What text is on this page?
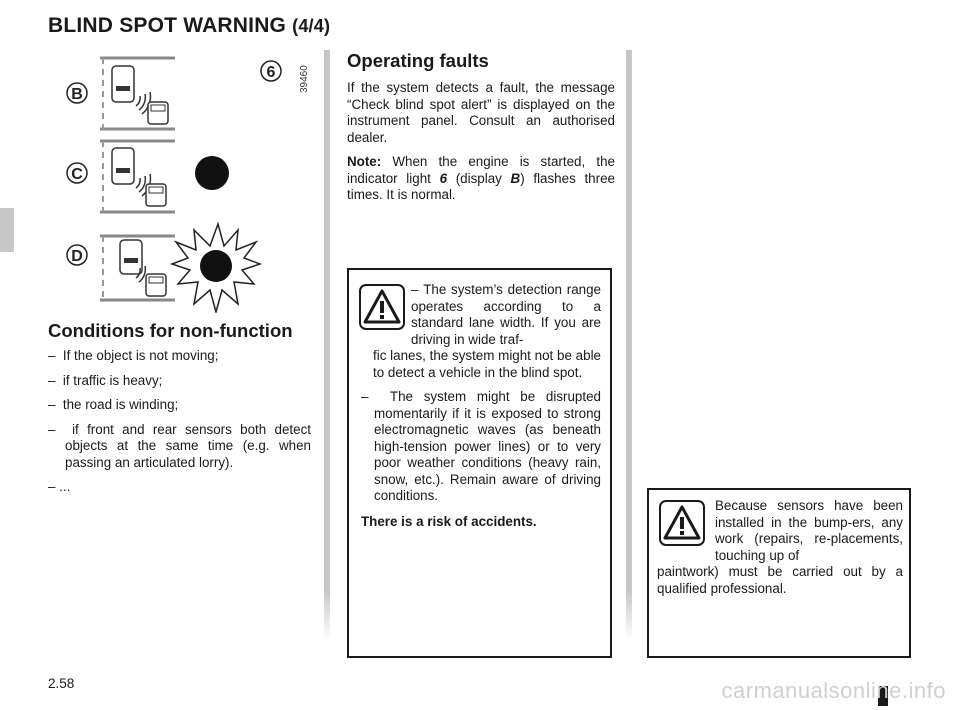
BLIND SPOT WARNING (4/4)
B
C
D
6 39460
Conditions for non-function
–  If the object is not moving;
–  if traffic is heavy;
–  the road is winding;
–  if front and rear sensors both detect objects at the same time (e.g. when passing an articulated lorry).
– ...
Operating faults

If the system detects a fault, the message “Check blind spot alert” is displayed on the instrument panel. Consult an authorised dealer.

Note: When the engine is started, the indicator light 6 (display B) flashes three times. It is normal.

– The system’s detection range operates according to a standard lane width. If you are driving in wide traf-
fic lanes, the system might not be able to detect a vehicle in the blind spot.
–  The system might be disrupted momentarily if it is exposed to strong electromagnetic waves (as beneath high-tension power lines) or to very poor weather conditions (heavy rain, snow, etc.). Remain aware of driving conditions.
There is a risk of accidents.
Because sensors have been installed in the bump-ers, any work (repairs, re-placements, touching up of
paintwork) must be carried out by a qualified professional.
2.58	carmanualsonline.info
